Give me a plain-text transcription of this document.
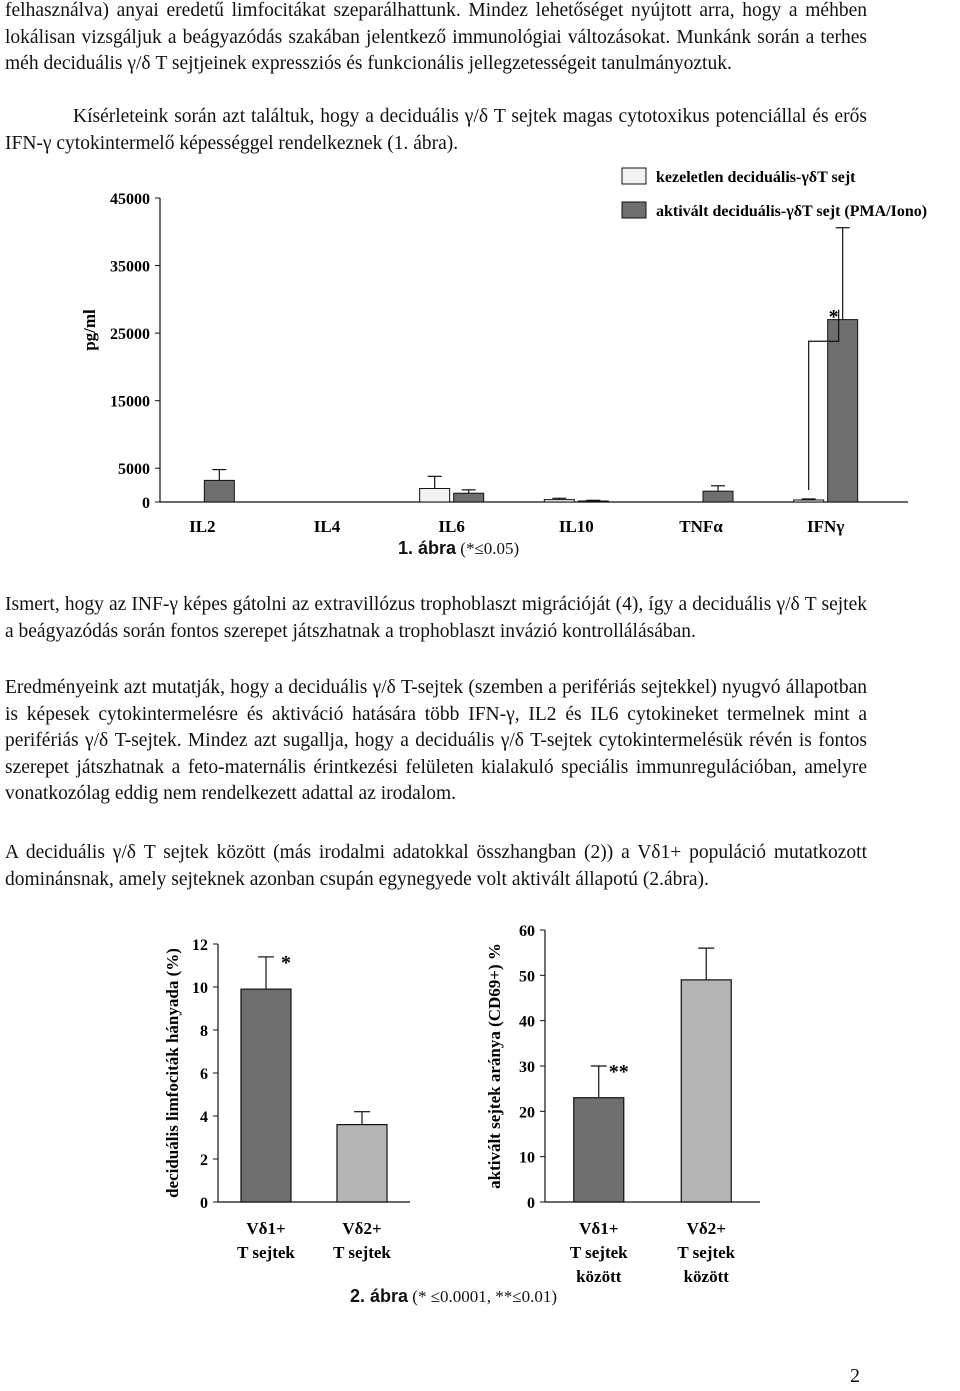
felhasználva) anyai eredetű limfocitákat szeparálhattunk. Mindez lehetőséget nyújtott arra, hogy a méhben lokálisan vizsgáljuk a beágyazódás szakában jelentkező immunológiai változásokat. Munkánk során a terhes méh deciduális γ/δ T sejtjeinek expressziós és funkcionális jellegzetességeit tanulmányoztuk.

Kísérleteink során azt találtuk, hogy a deciduális γ/δ T sejtek magas cytotoxikus potenciállal és erős IFN-γ cytokintermelő képességgel rendelkeznek (1. ábra).

0
5000
15000
25000
35000
45000
pg/ml
IL2	IL4	IL6	IL10	TNFα	IFNγ
*
kezeletlen deciduális-γδT sejt
aktivált deciduális-γδT sejt (PMA/Iono)
1. ábra (*≤0.05)

Ismert, hogy az INF-γ képes gátolni az extravillózus trophoblaszt migrációját (4), így a deciduális γ/δ T sejtek a beágyazódás során fontos szerepet játszhatnak a trophoblaszt invázió kontrollálásában.

Eredményeink azt mutatják, hogy a deciduális γ/δ T-sejtek (szemben a perifériás sejtekkel) nyugvó állapotban is képesek cytokintermelésre és aktiváció hatására több IFN-γ, IL2 és IL6 cytokineket termelnek mint a perifériás γ/δ T-sejtek. Mindez azt sugallja, hogy a deciduális γ/δ T-sejtek cytokintermelésük révén is fontos szerepet játszhatnak a feto-maternális érintkezési felületen kialakuló speciális immunregulációban, amelyre vonatkozólag eddig nem rendelkezett adattal az irodalom.

A deciduális γ/δ T sejtek között (más irodalmi adatokkal összhangban (2)) a Vδ1+ populáció mutatkozott dominánsnak, amely sejteknek azonban csupán egynegyede volt aktivált állapotú (2.ábra).

0
2
4
6
8
10
12
deciduális limfociták hányada (%)	*
Vδ1+
T sejtek
Vδ2+
T sejtek
0
10
20
30
40
50
60
aktivált sejtek aránya (CD69+) %	**
Vδ1+
T sejtek
között
Vδ2+
T sejtek
között
2. ábra (* ≤0.0001, **≤0.01)
2
